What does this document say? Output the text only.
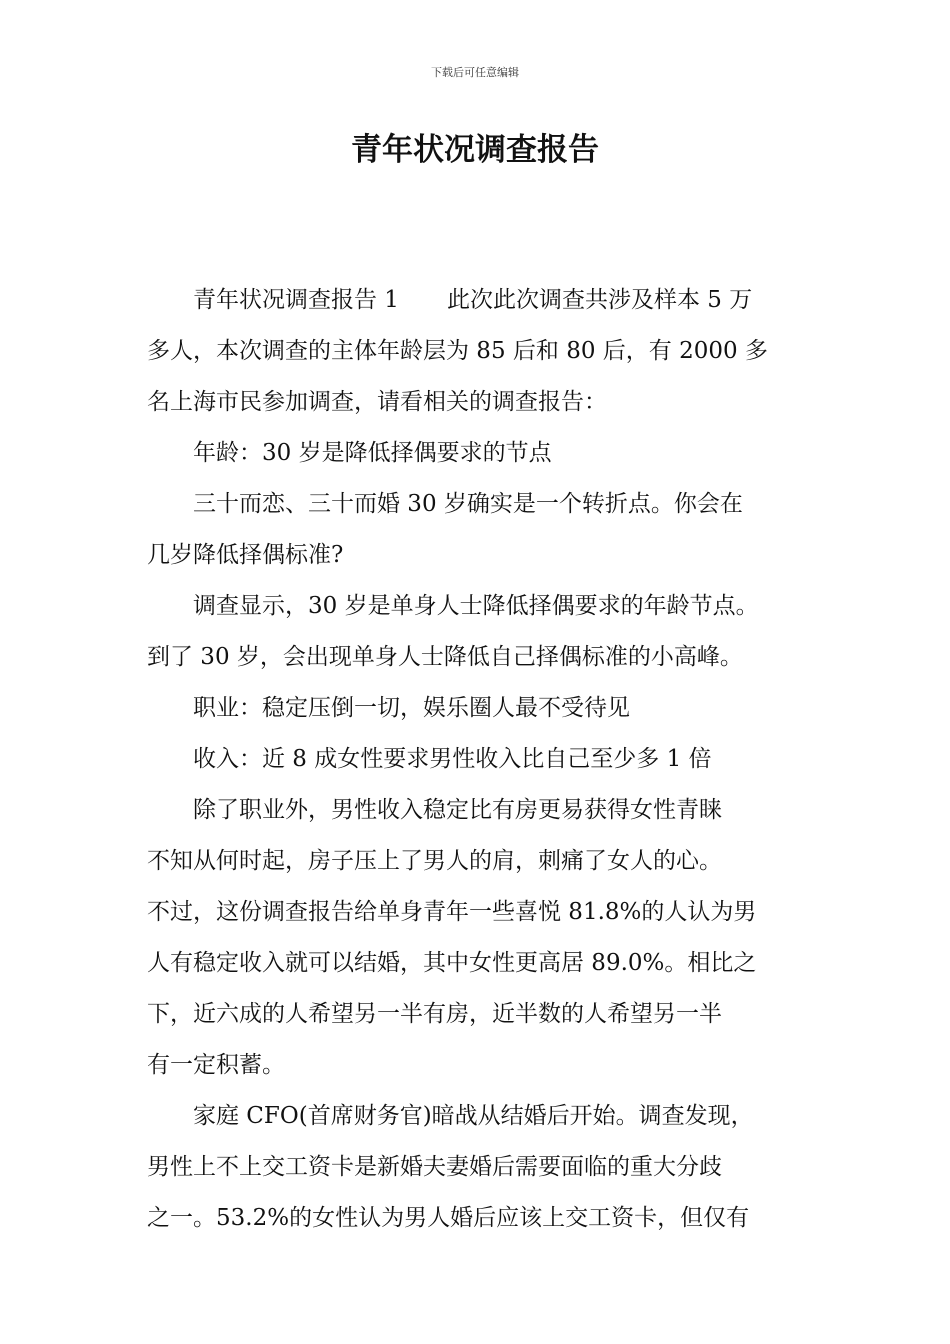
下载后可任意编辑
青年状况调查报告

青年状况调查报告 1 此次此次调查共涉及样本 5 万
多人，本次调查的主体年龄层为 85 后和 80 后，有 2000 多
名上海市民参加调查，请看相关的调查报告：

年龄：30 岁是降低择偶要求的节点

三十而恋、三十而婚 30 岁确实是一个转折点。你会在
几岁降低择偶标准?

调查显示，30 岁是单身人士降低择偶要求的年龄节点。
到了 30 岁，会出现单身人士降低自己择偶标准的小高峰。

职业：稳定压倒一切，娱乐圈人最不受待见

收入：近 8 成女性要求男性收入比自己至少多 1 倍

除了职业外，男性收入稳定比有房更易获得女性青睐
不知从何时起，房子压上了男人的肩，刺痛了女人的心。
不过，这份调查报告给单身青年一些喜悦 81.8%的人认为男
人有稳定收入就可以结婚，其中女性更高居 89.0%。相比之
下，近六成的人希望另一半有房，近半数的人希望另一半
有一定积蓄。

家庭 CFO(首席财务官)暗战从结婚后开始。调查发现，
男性上不上交工资卡是新婚夫妻婚后需要面临的重大分歧
之一。53.2%的女性认为男人婚后应该上交工资卡，但仅有
